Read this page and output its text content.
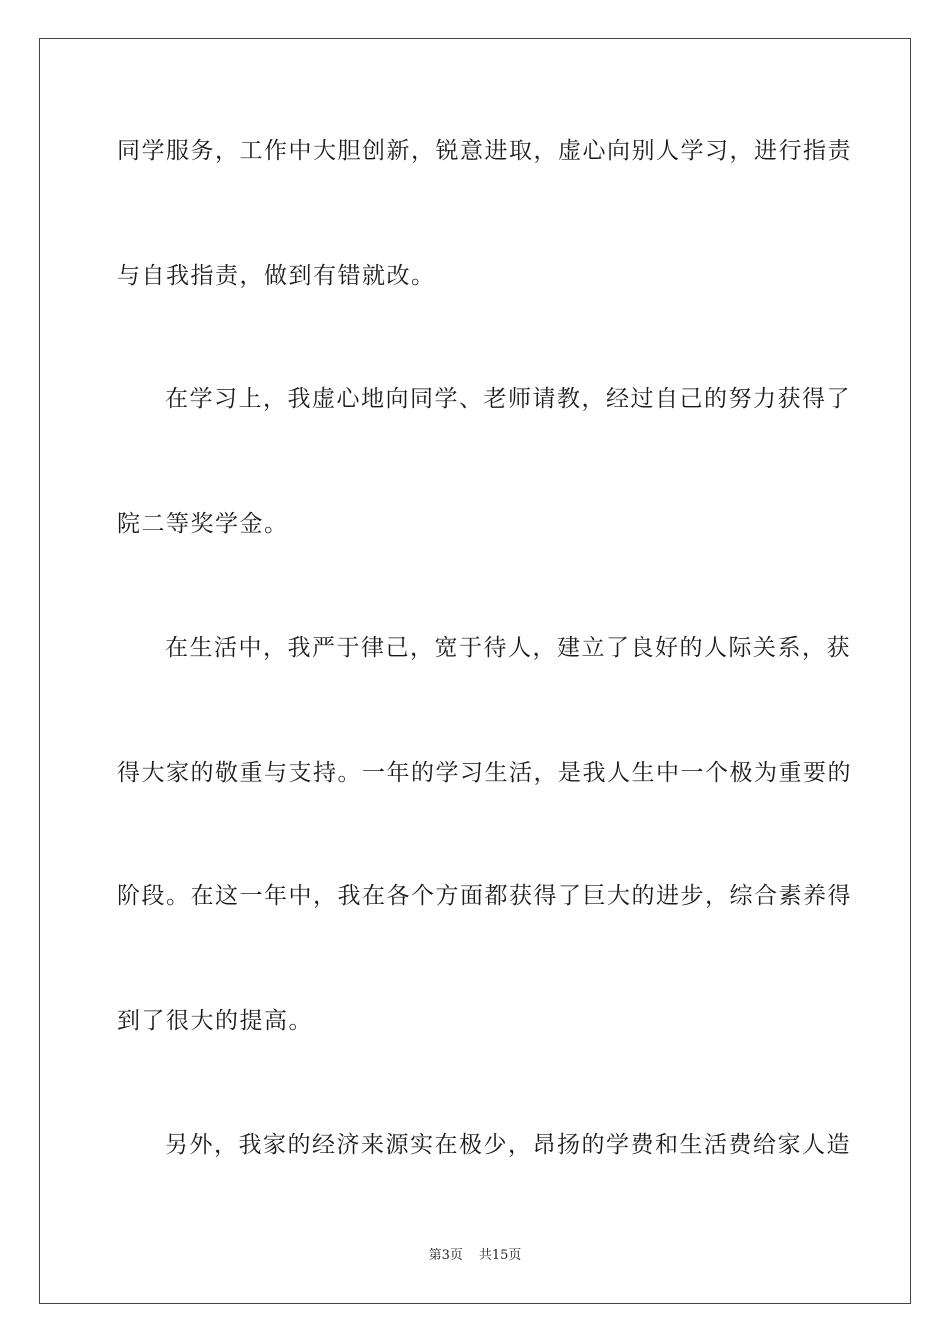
同学服务，工作中大胆创新，锐意进取，虚心向别人学习，进行指责
与自我指责，做到有错就改。
在学习上，我虚心地向同学、老师请教，经过自己的努力获得了
院二等奖学金。
在生活中，我严于律己，宽于待人，建立了良好的人际关系，获
得大家的敬重与支持。一年的学习生活，是我人生中一个极为重要的
阶段。在这一年中，我在各个方面都获得了巨大的进步，综合素养得
到了很大的提高。
另外，我家的经济来源实在极少，昂扬的学费和生活费给家人造
第3页 共15页
